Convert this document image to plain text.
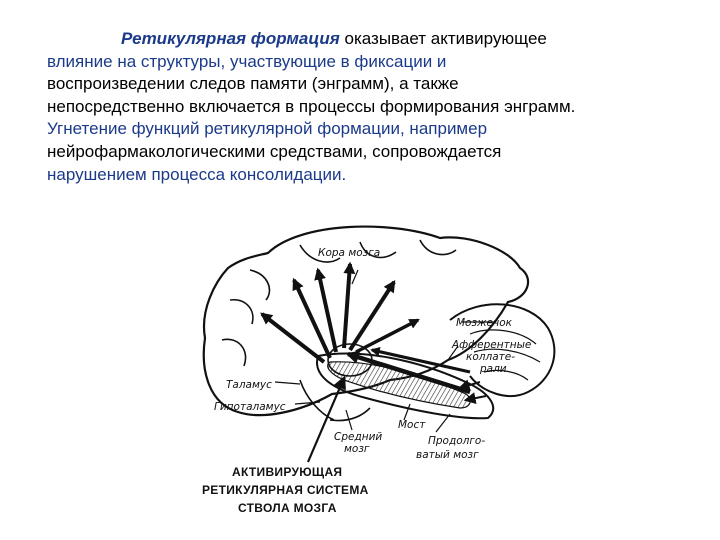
Ретикулярная формация оказывает активирующее
влияние на структуры, участвующие в фиксации и
воспроизведении следов памяти (энграмм), а также
непосредственно включается в процессы формирования энграмм.
Угнетение функций ретикулярной формации, например
нейрофармакологическими средствами, сопровождается
нарушением процесса консолидации.
Кора мозга
Мозжечок
Афферентные
коллате-
рали
Таламус
Гипоталамус
Средний
мозг
Мост
Продолго-
ватый мозг
АКТИВИРУЮЩАЯ
РЕТИКУЛЯРНАЯ СИСТЕМА
СТВОЛА МОЗГА
